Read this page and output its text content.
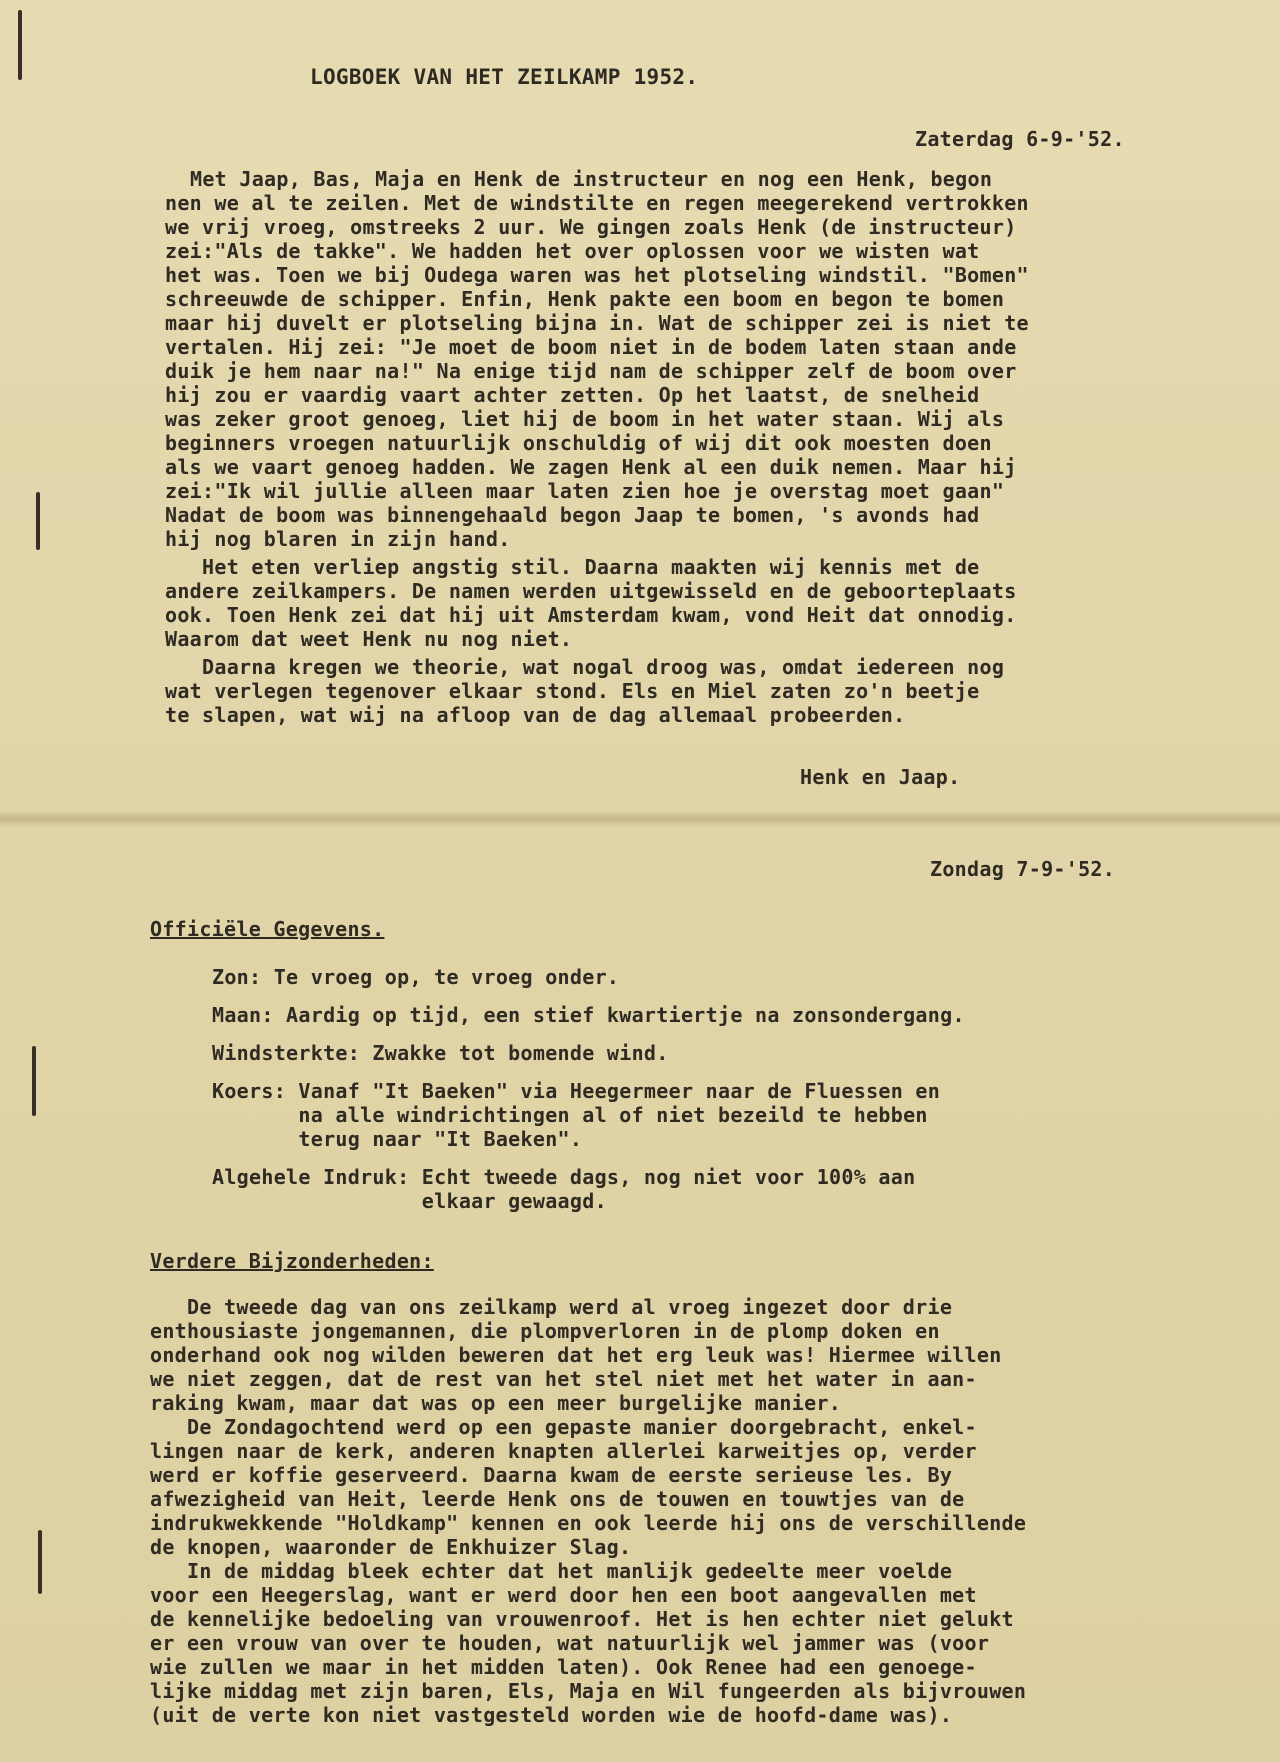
LOGBOEK VAN HET ZEILKAMP 1952.
Zaterdag 6-9-'52.
Met Jaap, Bas, Maja en Henk de instructeur en nog een Henk, begon
nen we al te zeilen. Met de windstilte en regen meegerekend vertrokken
we vrij vroeg, omstreeks 2 uur. We gingen zoals Henk (de instructeur)
zei:"Als de takke". We hadden het over oplossen voor we wisten wat
het was. Toen we bij Oudega waren was het plotseling windstil. "Bomen"
schreeuwde de schipper. Enfin, Henk pakte een boom en begon te bomen
maar hij duvelt er plotseling bijna in. Wat de schipper zei is niet te
vertalen. Hij zei: "Je moet de boom niet in de bodem laten staan ande
duik je hem naar na!" Na enige tijd nam de schipper zelf de boom over
hij zou er vaardig vaart achter zetten. Op het laatst, de snelheid
was zeker groot genoeg, liet hij de boom in het water staan. Wij als
beginners vroegen natuurlijk onschuldig of wij dit ook moesten doen
als we vaart genoeg hadden. We zagen Henk al een duik nemen. Maar hij
zei:"Ik wil jullie alleen maar laten zien hoe je overstag moet gaan"
Nadat de boom was binnengehaald begon Jaap te bomen, 's avonds had
hij nog blaren in zijn hand.
Het eten verliep angstig stil. Daarna maakten wij kennis met de
andere zeilkampers. De namen werden uitgewisseld en de geboorteplaats
ook. Toen Henk zei dat hij uit Amsterdam kwam, vond Heit dat onnodig.
Waarom dat weet Henk nu nog niet.
Daarna kregen we theorie, wat nogal droog was, omdat iedereen nog
wat verlegen tegenover elkaar stond. Els en Miel zaten zo'n beetje
te slapen, wat wij na afloop van de dag allemaal probeerden.
Henk en Jaap.
Zondag 7-9-'52.
Officiële Gegevens.
Zon: Te vroeg op, te vroeg onder.
Maan: Aardig op tijd, een stief kwartiertje na zonsondergang.
Windsterkte: Zwakke tot bomende wind.
Koers: Vanaf "It Baeken" via Heegermeer naar de Fluessen en
na alle windrichtingen al of niet bezeild te hebben
terug naar "It Baeken".
Algehele Indruk: Echt tweede dags, nog niet voor 100% aan
elkaar gewaagd.
Verdere Bijzonderheden:
De tweede dag van ons zeilkamp werd al vroeg ingezet door drie
enthousiaste jongemannen, die plompverloren in de plomp doken en
onderhand ook nog wilden beweren dat het erg leuk was! Hiermee willen
we niet zeggen, dat de rest van het stel niet met het water in aan-
raking kwam, maar dat was op een meer burgelijke manier.
De Zondagochtend werd op een gepaste manier doorgebracht, enkel-
lingen naar de kerk, anderen knapten allerlei karweitjes op, verder
werd er koffie geserveerd. Daarna kwam de eerste serieuse les. By
afwezigheid van Heit, leerde Henk ons de touwen en touwtjes van de
indrukwekkende "Holdkamp" kennen en ook leerde hij ons de verschillende
de knopen, waaronder de Enkhuizer Slag.
In de middag bleek echter dat het manlijk gedeelte meer voelde
voor een Heegerslag, want er werd door hen een boot aangevallen met
de kennelijke bedoeling van vrouwenroof. Het is hen echter niet gelukt
er een vrouw van over te houden, wat natuurlijk wel jammer was (voor
wie zullen we maar in het midden laten). Ook Renee had een genoege-
lijke middag met zijn baren, Els, Maja en Wil fungeerden als bijvrouwen
(uit de verte kon niet vastgesteld worden wie de hoofd-dame was).
